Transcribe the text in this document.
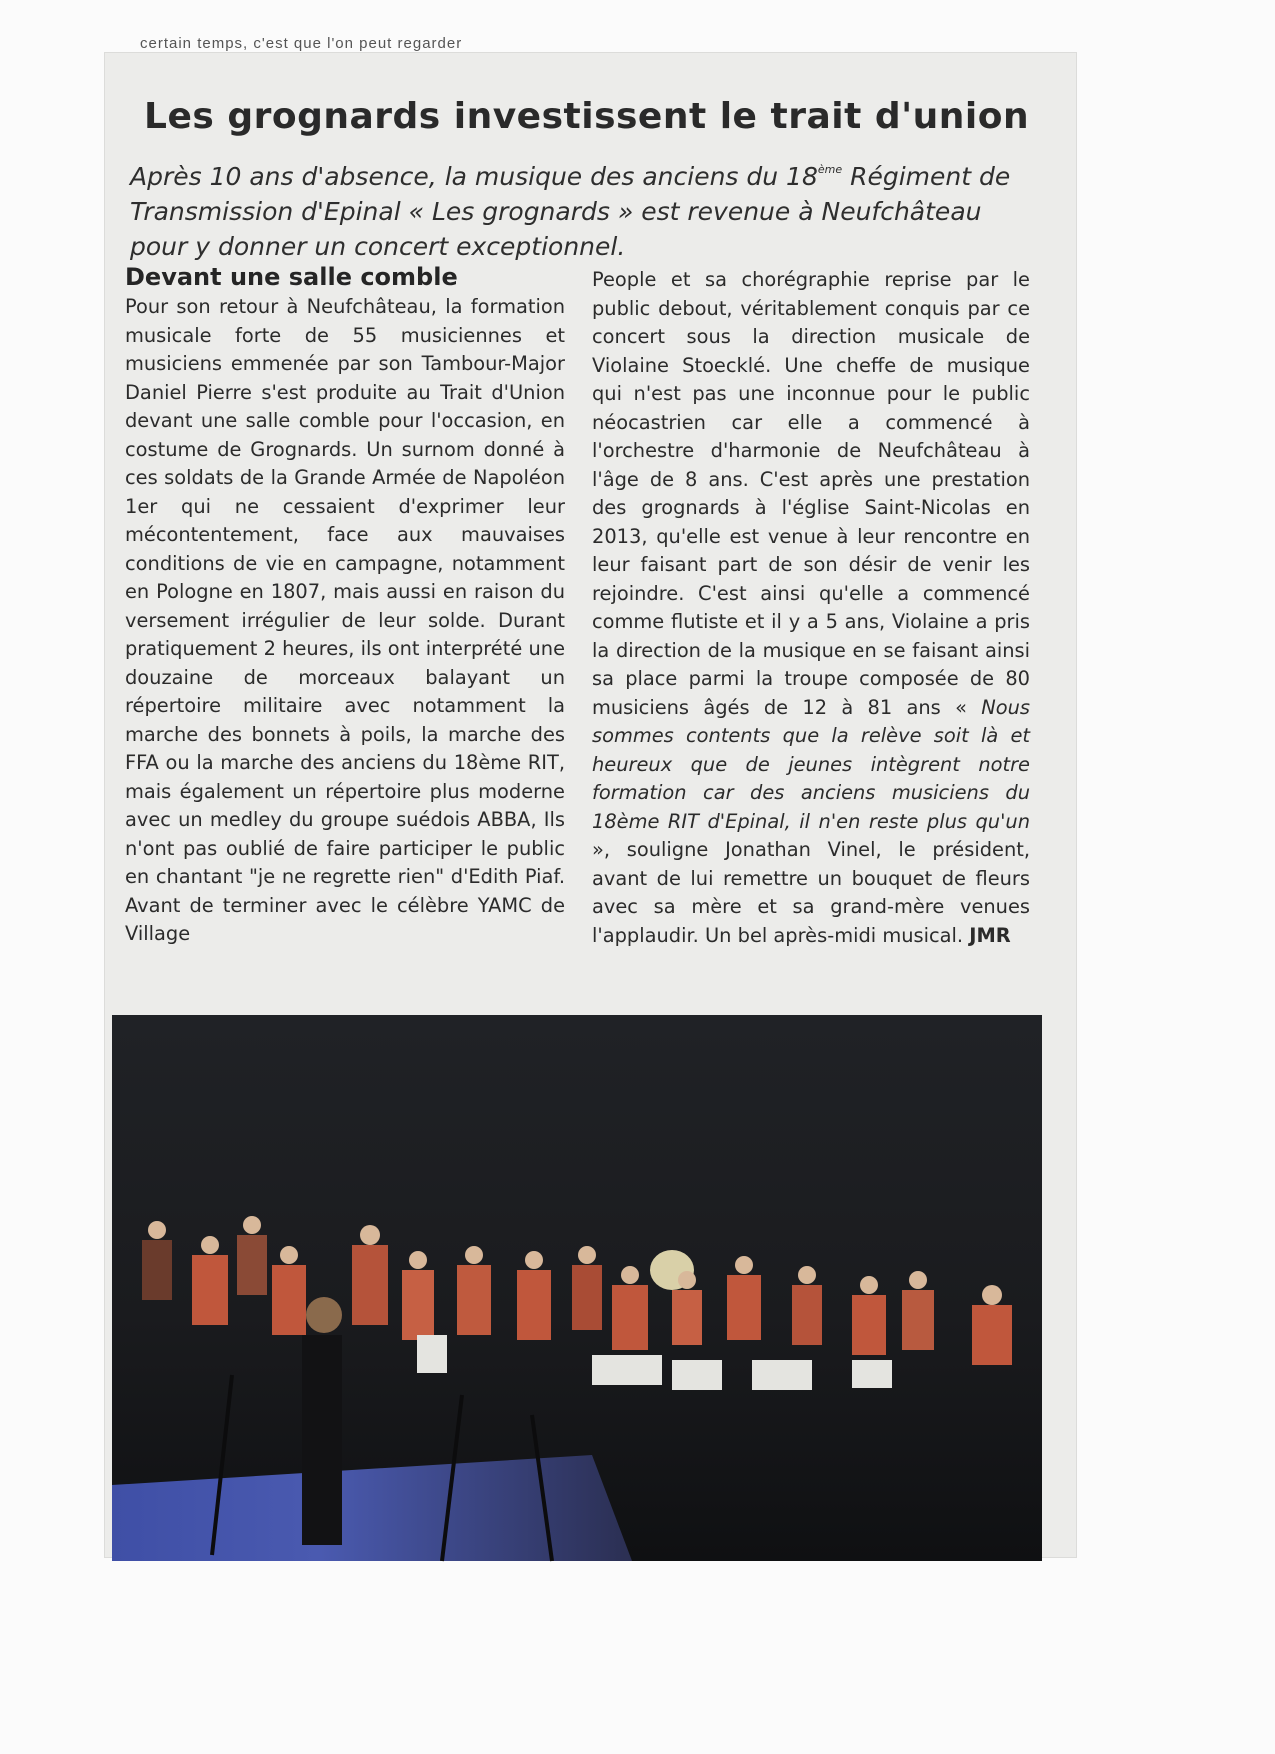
certain temps, c'est que l'on peut regarder
Les grognards investissent le trait d'union
Après 10 ans d'absence, la musique des anciens du 18ème Régiment de Transmission d'Epinal « Les grognards » est revenue à Neufchâteau pour y donner un concert exceptionnel.
Devant une salle comble

Pour son retour à Neufchâteau, la formation musicale forte de 55 musiciennes et musiciens emmenée par son Tambour-Major Daniel Pierre s'est produite au Trait d'Union devant une salle comble pour l'occasion, en costume de Grognards. Un surnom donné à ces soldats de la Grande Armée de Napoléon 1er qui ne cessaient d'exprimer leur mécontentement, face aux mauvaises conditions de vie en campagne, notamment en Pologne en 1807, mais aussi en raison du versement irrégulier de leur solde. Durant pratiquement 2 heures, ils ont interprété une douzaine de morceaux balayant un répertoire militaire avec notamment la marche des bonnets à poils, la marche des FFA ou la marche des anciens du 18ème RIT, mais également un répertoire plus moderne avec un medley du groupe suédois ABBA, Ils n'ont pas oublié de faire participer le public en chantant "je ne regrette rien" d'Edith Piaf. Avant de terminer avec le célèbre YAMC de Village

People et sa chorégraphie reprise par le public debout, véritablement conquis par ce concert sous la direction musicale de Violaine Stoecklé. Une cheffe de musique qui n'est pas une inconnue pour le public néocastrien car elle a commencé à l'orchestre d'harmonie de Neufchâteau à l'âge de 8 ans. C'est après une prestation des grognards à l'église Saint-Nicolas en 2013, qu'elle est venue à leur rencontre en leur faisant part de son désir de venir les rejoindre. C'est ainsi qu'elle a commencé comme flutiste et il y a 5 ans, Violaine a pris la direction de la musique en se faisant ainsi sa place parmi la troupe composée de 80 musiciens âgés de 12 à 81 ans « Nous sommes contents que la relève soit là et heureux que de jeunes intègrent notre formation car des anciens musiciens du 18ème RIT d'Epinal, il n'en reste plus qu'un », souligne Jonathan Vinel, le président, avant de lui remettre un bouquet de fleurs avec sa mère et sa grand-mère venues l'applaudir. Un bel après-midi musical. JMR
